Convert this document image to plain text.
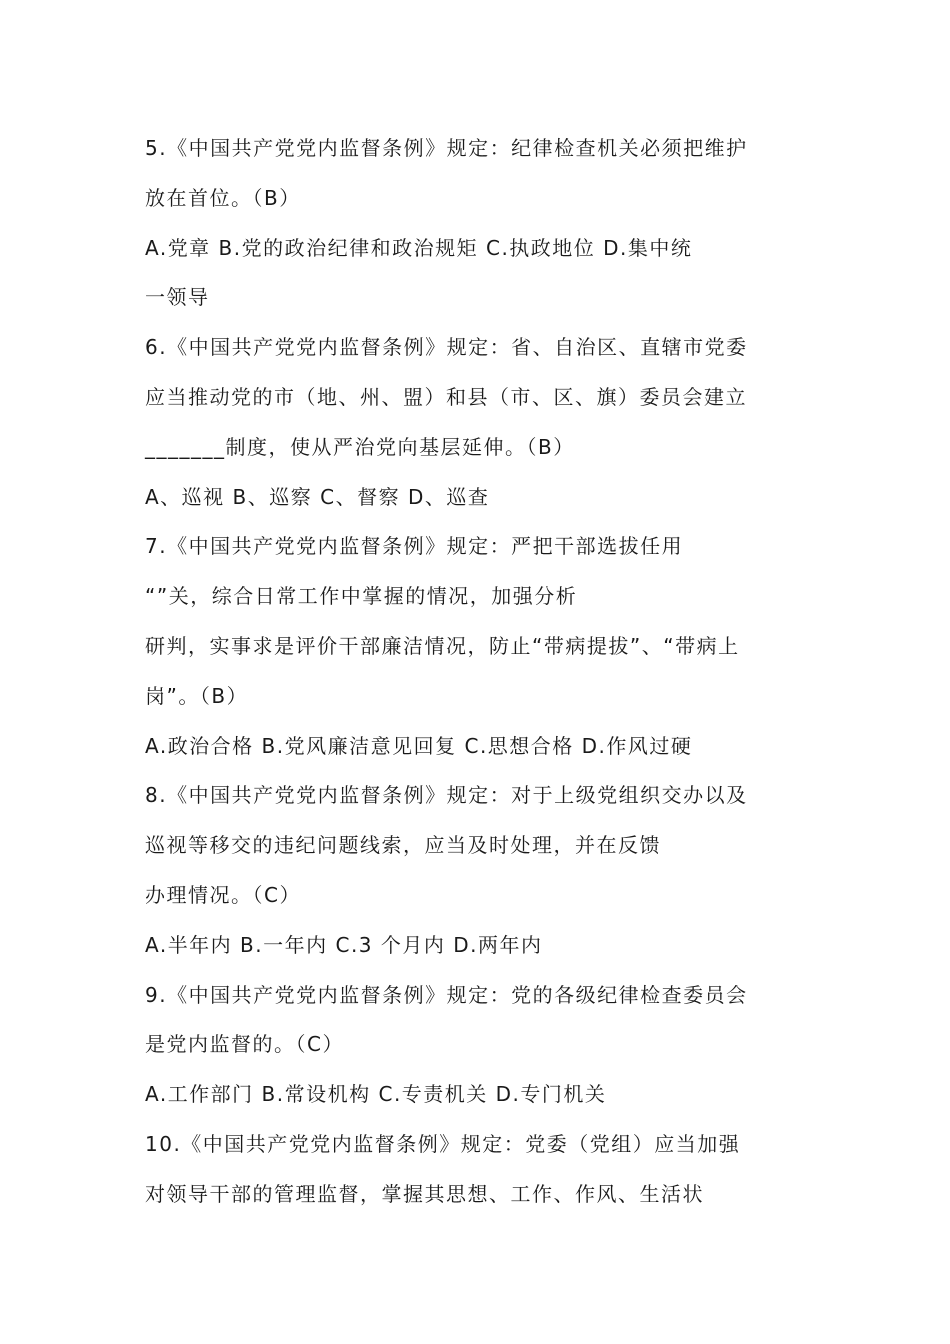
5.《中国共产党党内监督条例》规定：纪律检查机关必须把维护
放在首位。（B）
A.党章 B.党的政治纪律和政治规矩 C.执政地位 D.集中统
一领导
6.《中国共产党党内监督条例》规定：省、自治区、直辖市党委
应当推动党的市（地、州、盟）和县（市、区、旗）委员会建立
_______制度，使从严治党向基层延伸。（B）
A、巡视 B、巡察 C、督察 D、巡查
7.《中国共产党党内监督条例》规定：严把干部选拔任用
“”关，综合日常工作中掌握的情况，加强分析
研判，实事求是评价干部廉洁情况，防止“带病提拔”、“带病上
岗”。（B）
A.政治合格 B.党风廉洁意见回复 C.思想合格 D.作风过硬
8.《中国共产党党内监督条例》规定：对于上级党组织交办以及
巡视等移交的违纪问题线索，应当及时处理，并在反馈
办理情况。（C）
A.半年内 B.一年内 C.3 个月内 D.两年内
9.《中国共产党党内监督条例》规定：党的各级纪律检查委员会
是党内监督的。（C）
A.工作部门 B.常设机构 C.专责机关 D.专门机关
10.《中国共产党党内监督条例》规定：党委（党组）应当加强
对领导干部的管理监督，掌握其思想、工作、作风、生活状
